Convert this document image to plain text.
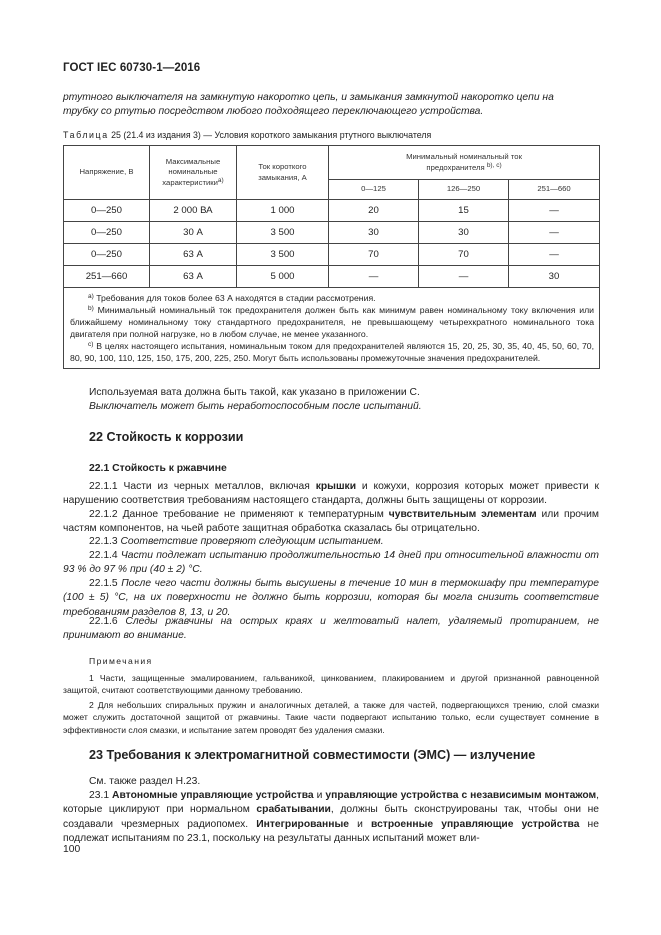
ГОСТ IEC 60730-1—2016
ртутного выключателя на замкнутую накоротко цепь, и замыкания замкнутой накоротко цепи на
трубку со ртутью посредством любого подходящего переключающего устройства.
Таблица 25 (21.4 из издания 3) — Условия короткого замыкания ртутного выключателя
Напряжение, В	Максимальные номинальные характеристики$^{a)}$	Ток короткого замыкания, А	Минимальный номинальный ток предохранителя $^{b), c)}$
			0—125	126—250	251—660
0—250	2 000 ВА	1 000	20	15	—
0—250	30 А	3 500	30	30	—
0—250	63 А	3 500	70	70	—
251—660	63 А	5 000	—	—	30

$^{a)}$ Требования для токов более 63 А находятся в стадии рассмотрения.

$^{b)}$ Минимальный номинальный ток предохранителя должен быть как минимум равен номинальному току включения или ближайшему номинальному току стандартного предохранителя, не превышающему четырехкратного номинального тока двигателя при полной нагрузке, но в любом случае, не менее указанного.

$^{c)}$ В целях настоящего испытания, номинальным током для предохранителей являются 15, 20, 25, 30, 35, 40, 45, 50, 60, 70, 80, 90, 100, 110, 125, 150, 175, 200, 225, 250. Могут быть использованы промежуточные значения предохранителей.					

Используемая вата должна быть такой, как указано в приложении С.
Выключатель может быть неработоспособным после испытаний.
22 Стойкость к коррозии
22.1 Стойкость к ржавчине
22.1.1 Части из черных металлов, включая крышки и кожухи, коррозия которых может привести к нарушению соответствия требованиям настоящего стандарта, должны быть защищены от коррозии.
22.1.2 Данное требование не применяют к температурным чувствительным элементам или прочим частям компонентов, на чьей работе защитная обработка сказалась бы отрицательно.
22.1.3 Соответствие проверяют следующим испытанием.
22.1.4 Части подлежат испытанию продолжительностью 14 дней при относительной влажности от 93 % до 97 % при (40 ± 2) °С.
22.1.5 После чего части должны быть высушены в течение 10 мин в термокшафу при температуре (100 ± 5) °С, на их поверхности не должно быть коррозии, которая бы могла снизить соответствие требованиям разделов 8, 13, и 20.
22.1.6 Следы ржавчины на острых краях и желтоватый налет, удаляемый протиранием, не принимают во внимание.
Примечания
1 Части, защищенные эмалированием, гальваникой, цинкованием, плакированием и другой признанной равноценной защитой, считают соответствующими данному требованию.
2 Для небольших спиральных пружин и аналогичных деталей, а также для частей, подвергающихся трению, слой смазки может служить достаточной защитой от ржавчины. Такие части подвергают испытанию только, если существует сомнение в эффективности слоя смазки, и испытание затем проводят без удаления смазки.
23 Требования к электромагнитной совместимости (ЭМС) — излучение
См. также раздел Н.23.
23.1 Автономные управляющие устройства и управляющие устройства с независимым монтажом, которые циклируют при нормальном срабатывании, должны быть сконструированы так, чтобы они не создавали чрезмерных радиопомех. Интегрированные и встроенные управляющие устройства не подлежат испытаниям по 23.1, поскольку на результаты данных испытаний может вли-
100
